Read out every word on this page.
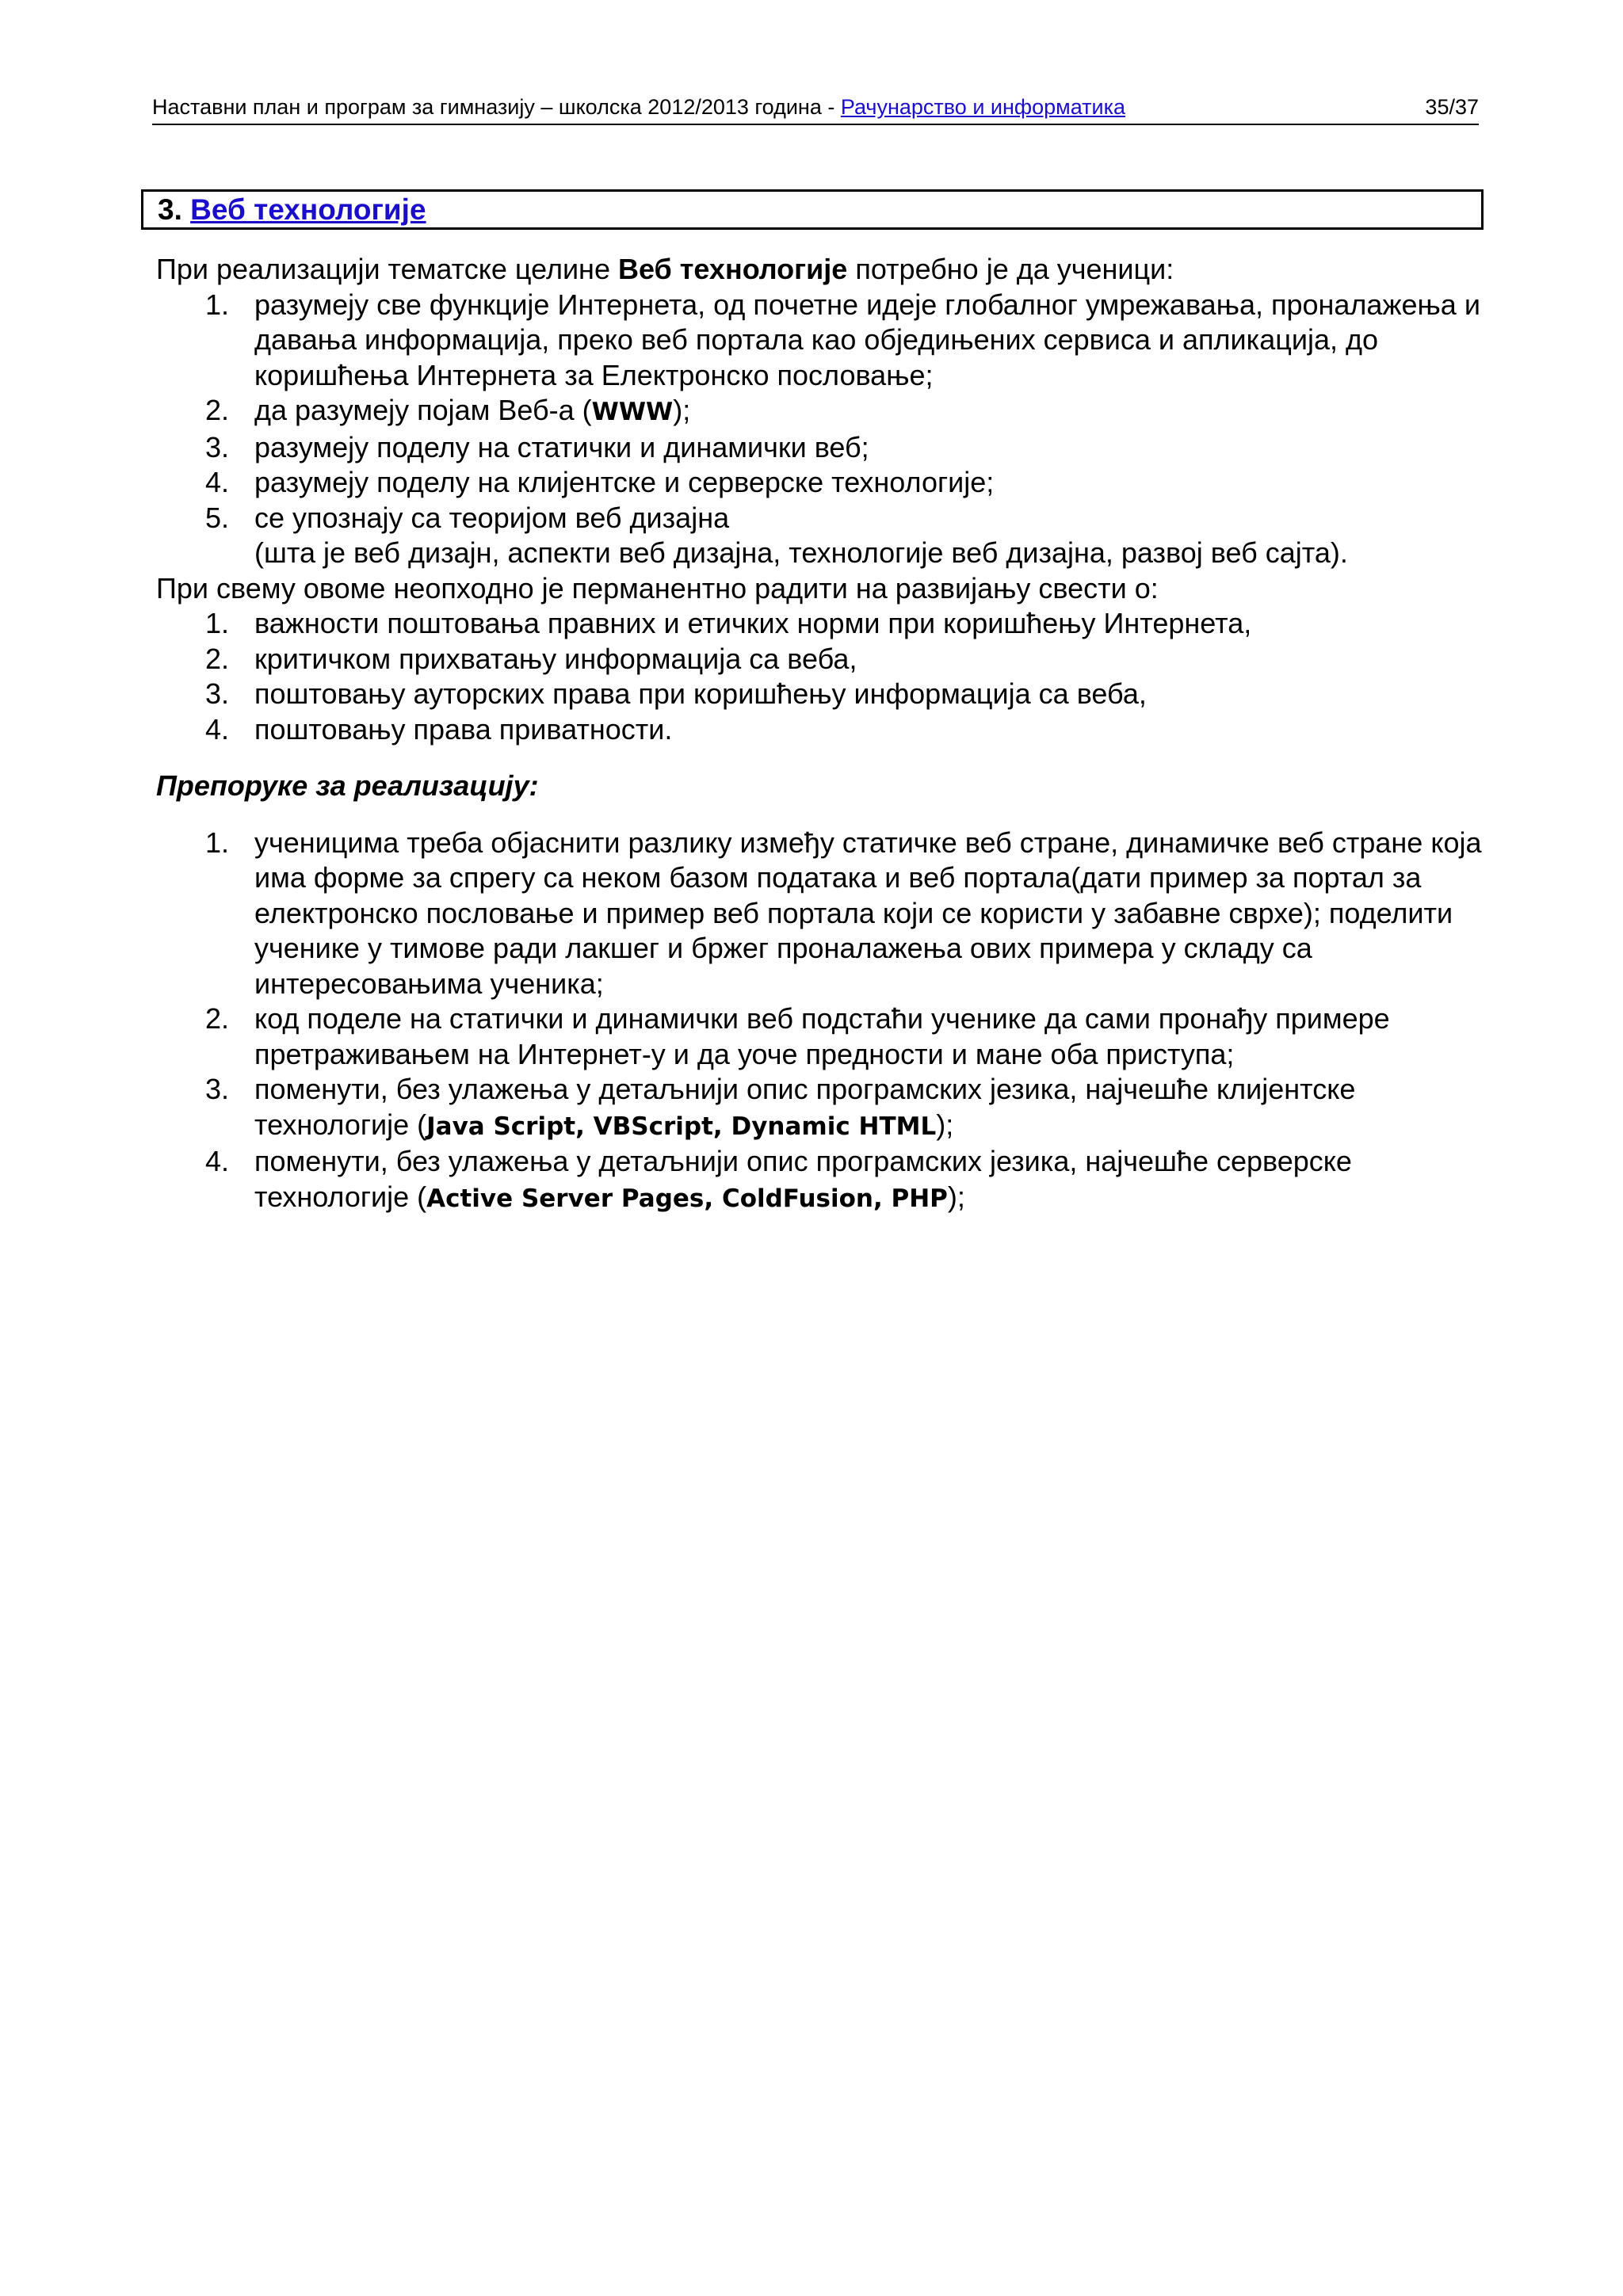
Наставни план и програм за гимназију – школска 2012/2013 година - Рачунарство и информатика	35/37
3. Веб технологије

При реализацији тематске целине Веб технологије потребно је да ученици:

1. разумеју све функције Интернета, од почетне идеје глобалног умрежавања, проналажења и давања информација, преко веб портала као обједињених сервиса и апликација, до коришћења Интернета за Електронско пословање;
2. да разумеју појам Веб-а (WWW);
3. разумеју поделу на статички и динамички веб;
4. разумеју поделу на клијентске и серверске технологије;
5. се упознају са теоријом веб дизајна
(шта је веб дизајн, аспекти веб дизајна, технологије веб дизајна, развој веб сајта).

При свему овоме неопходно је перманентно радити на развијању свести о:

1. важности поштовања правних и етичких норми при коришћењу Интернета,
2. критичком прихватању информација са веба,
3. поштовању ауторских права при коришћењу информација са веба,
4. поштовању права приватности.

Препоруке за реализацију:

1. ученицима треба објаснити разлику између статичке веб стране, динамичке веб стране која има форме за спрегу са неком базом података и веб портала(дати пример за портал за електронско пословање и пример веб портала који се користи у забавне сврхе); поделити ученике у тимове ради лакшег и бржег проналажења ових примера у складу са интересовањима ученика;
2. код поделе на статички и динамички веб подстаћи ученике да сами пронађу примере претраживањем на Интернет-у и да уоче предности и мане оба приступа;
3. поменути, без улажења у детаљнији опис програмских језика, најчешће клијентске технологије (Java Script, VBScript, Dynamic HTML);
4. поменути, без улажења у детаљнији опис програмских језика, најчешће серверске технологије (Active Server Pages, ColdFusion, PHP);
